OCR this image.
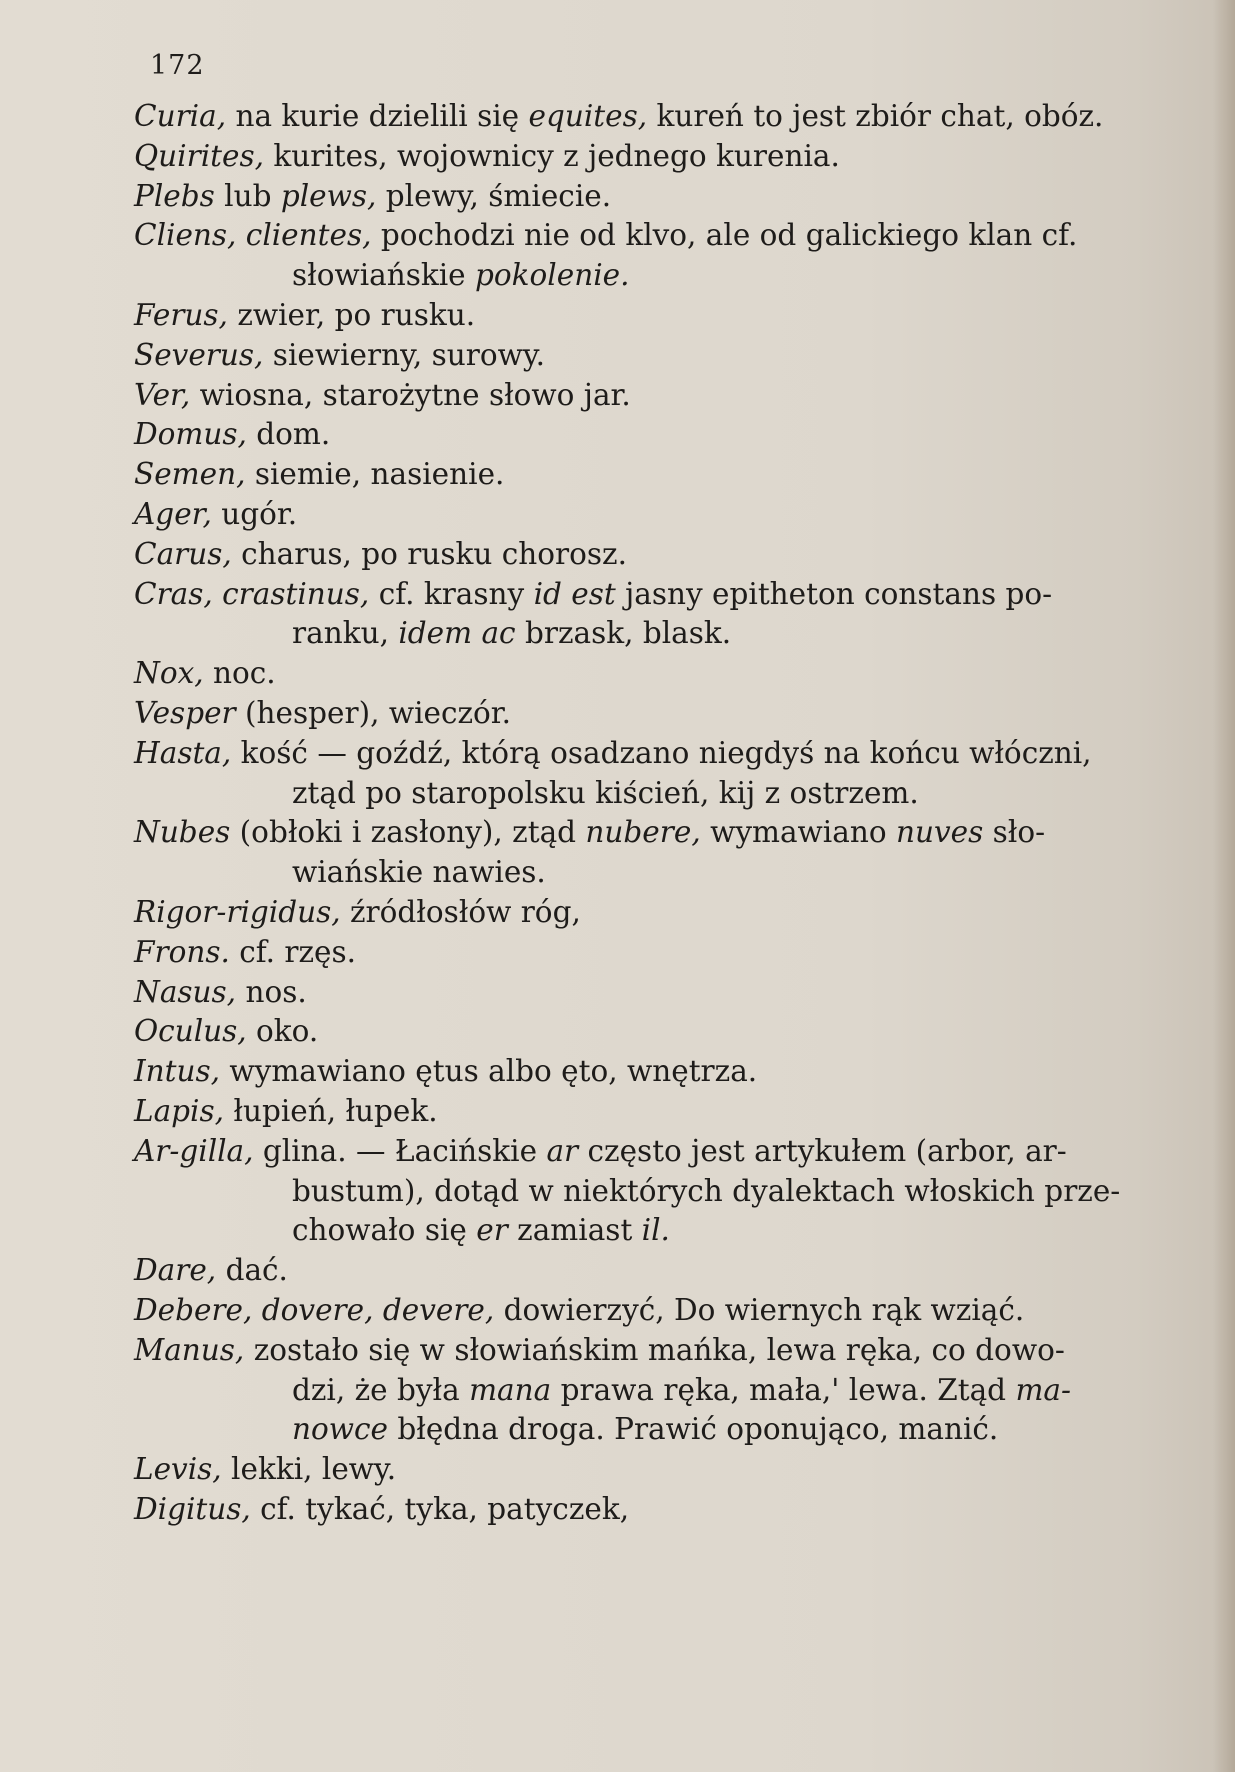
172
Curia, na kurie dzielili się equites, kureń to jest zbiór chat, obóz.
Quirites, kurites, wojownicy z jednego kurenia.
Plebs lub plews, plewy, śmiecie.
Cliens, clientes, pochodzi nie od klvo, ale od galickiego klan cf.
słowiańskie pokolenie.
Ferus, zwier, po rusku.
Severus, siewierny, surowy.
Ver, wiosna, starożytne słowo jar.
Domus, dom.
Semen, siemie, nasienie.
Ager, ugór.
Carus, charus, po rusku chorosz.
Cras, crastinus, cf. krasny id est jasny epitheton constans po-
ranku, idem ac brzask, blask.
Nox, noc.
Vesper (hesper), wieczór.
Hasta, kość — goźdź, którą osadzano niegdyś na końcu włóczni,
ztąd po staropolsku kiścień, kij z ostrzem.
Nubes (obłoki i zasłony), ztąd nubere, wymawiano nuves sło-
wiańskie nawies.
Rigor-rigidus, źródłosłów róg,
Frons. cf. rzęs.
Nasus, nos.
Oculus, oko.
Intus, wymawiano ętus albo ęto, wnętrza.
Lapis, łupień, łupek.
Ar-gilla, glina. — Łacińskie ar często jest artykułem (arbor, ar-
bustum), dotąd w niektórych dyalektach włoskich prze-
chowało się er zamiast il.
Dare, dać.
Debere, dovere, devere, dowierzyć, Do wiernych rąk wziąć.
Manus, zostało się w słowiańskim mańka, lewa ręka, co dowo-
dzi, że była mana prawa ręka, mała,' lewa. Ztąd ma-
nowce błędna droga. Prawić oponująco, manić.
Levis, lekki, lewy.
Digitus, cf. tykać, tyka, patyczek,
